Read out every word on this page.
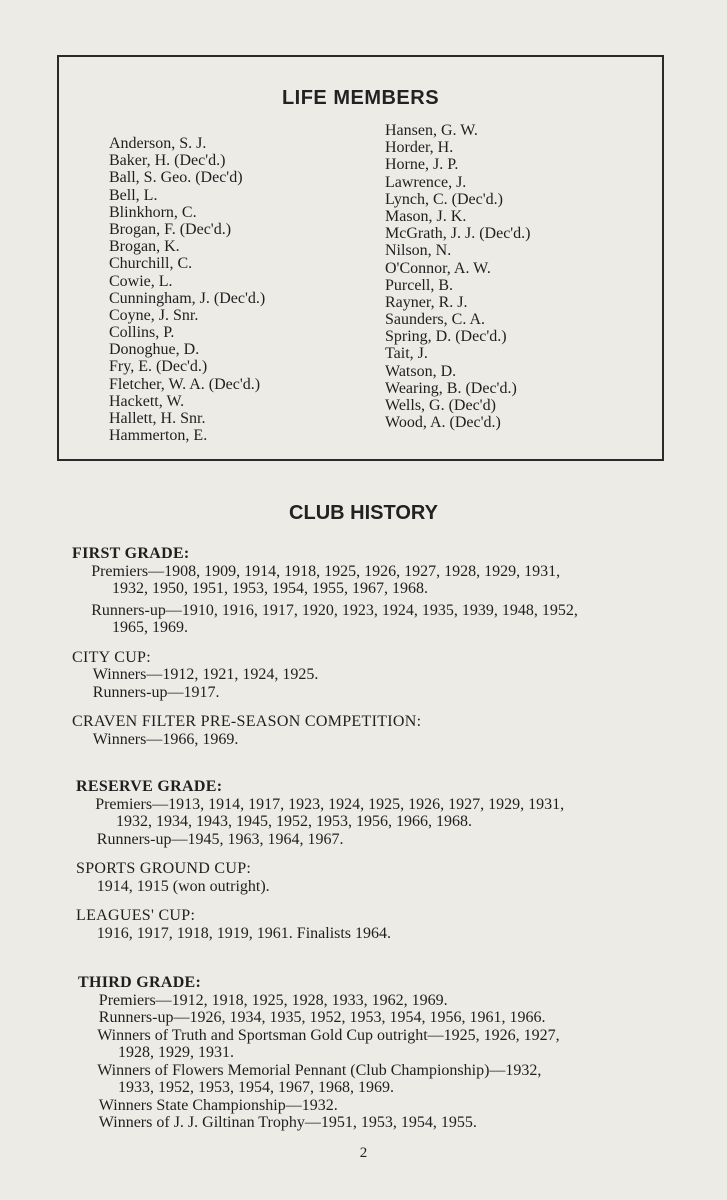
LIFE MEMBERS
Anderson, S. J.
Baker, H. (Dec'd.)
Ball, S. Geo. (Dec'd)
Bell, L.
Blinkhorn, C.
Brogan, F. (Dec'd.)
Brogan, K.
Churchill, C.
Cowie, L.
Cunningham, J. (Dec'd.)
Coyne, J. Snr.
Collins, P.
Donoghue, D.
Fry, E. (Dec'd.)
Fletcher, W. A. (Dec'd.)
Hackett, W.
Hallett, H. Snr.
Hammerton, E.
Hansen, G. W.
Horder, H.
Horne, J. P.
Lawrence, J.
Lynch, C. (Dec'd.)
Mason, J. K.
McGrath, J. J. (Dec'd.)
Nilson, N.
O'Connor, A. W.
Purcell, B.
Rayner, R. J.
Saunders, C. A.
Spring, D. (Dec'd.)
Tait, J.
Watson, D.
Wearing, B. (Dec'd.)
Wells, G. (Dec'd)
Wood, A. (Dec'd.)
CLUB HISTORY
FIRST GRADE:
Premiers—1908, 1909, 1914, 1918, 1925, 1926, 1927, 1928, 1929, 1931,
1932, 1950, 1951, 1953, 1954, 1955, 1967, 1968.
Runners-up—1910, 1916, 1917, 1920, 1923, 1924, 1935, 1939, 1948, 1952,
1965, 1969.
CITY CUP:
Winners—1912, 1921, 1924, 1925.
Runners-up—1917.
CRAVEN FILTER PRE-SEASON COMPETITION:
Winners—1966, 1969.
RESERVE GRADE:
Premiers—1913, 1914, 1917, 1923, 1924, 1925, 1926, 1927, 1929, 1931,
1932, 1934, 1943, 1945, 1952, 1953, 1956, 1966, 1968.
Runners-up—1945, 1963, 1964, 1967.
SPORTS GROUND CUP:
1914, 1915 (won outright).
LEAGUES' CUP:
1916, 1917, 1918, 1919, 1961. Finalists 1964.
THIRD GRADE:
Premiers—1912, 1918, 1925, 1928, 1933, 1962, 1969.
Runners-up—1926, 1934, 1935, 1952, 1953, 1954, 1956, 1961, 1966.
Winners of Truth and Sportsman Gold Cup outright—1925, 1926, 1927,
1928, 1929, 1931.
Winners of Flowers Memorial Pennant (Club Championship)—1932,
1933, 1952, 1953, 1954, 1967, 1968, 1969.
Winners State Championship—1932.
Winners of J. J. Giltinan Trophy—1951, 1953, 1954, 1955.
2
